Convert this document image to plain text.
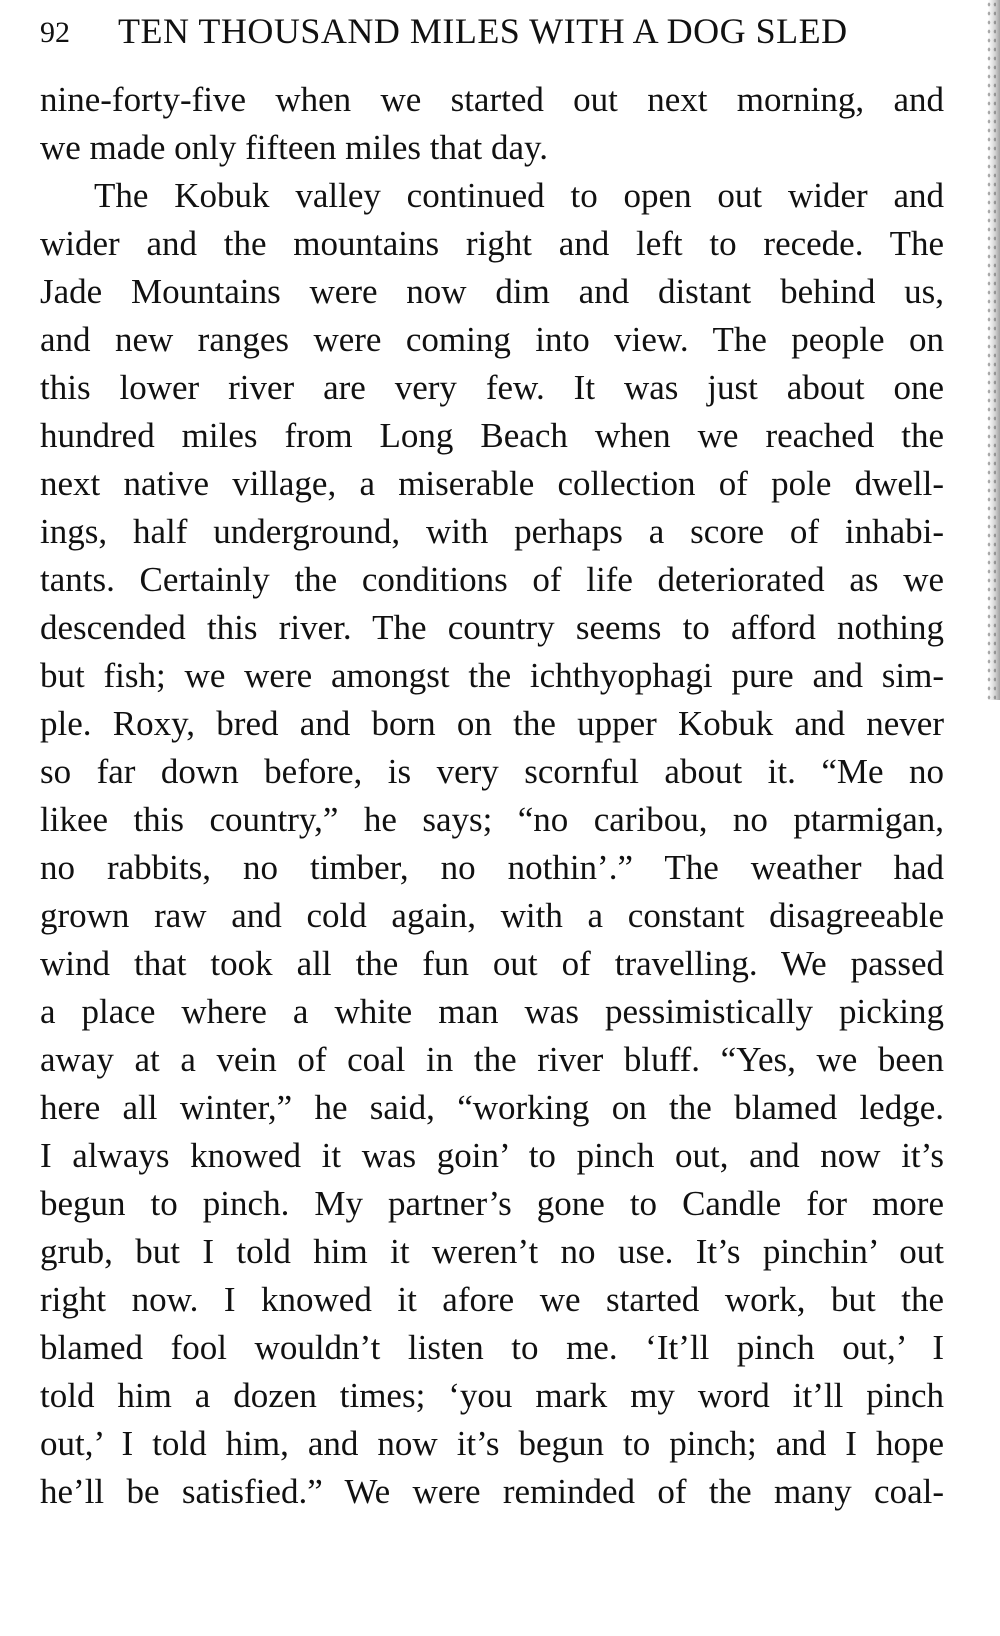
92 TEN THOUSAND MILES WITH A DOG SLED
nine-forty-five when we started out next morning, and
we made only fifteen miles that day.
The Kobuk valley continued to open out wider and
wider and the mountains right and left to recede. The
Jade Mountains were now dim and distant behind us,
and new ranges were coming into view. The people on
this lower river are very few. It was just about one
hundred miles from Long Beach when we reached the
next native village, a miserable collection of pole dwell-
ings, half underground, with perhaps a score of inhabi-
tants. Certainly the conditions of life deteriorated as we
descended this river. The country seems to afford nothing
but fish; we were amongst the ichthyophagi pure and sim-
ple. Roxy, bred and born on the upper Kobuk and never
so far down before, is very scornful about it. “Me no
likee this country,” he says; “no caribou, no ptarmigan,
no rabbits, no timber, no nothin’.” The weather had
grown raw and cold again, with a constant disagreeable
wind that took all the fun out of travelling. We passed
a place where a white man was pessimistically picking
away at a vein of coal in the river bluff. “Yes, we been
here all winter,” he said, “working on the blamed ledge.
I always knowed it was goin’ to pinch out, and now it’s
begun to pinch. My partner’s gone to Candle for more
grub, but I told him it weren’t no use. It’s pinchin’ out
right now. I knowed it afore we started work, but the
blamed fool wouldn’t listen to me. ‘It’ll pinch out,’ I
told him a dozen times; ‘you mark my word it’ll pinch
out,’ I told him, and now it’s begun to pinch; and I hope
he’ll be satisfied.” We were reminded of the many coal-
